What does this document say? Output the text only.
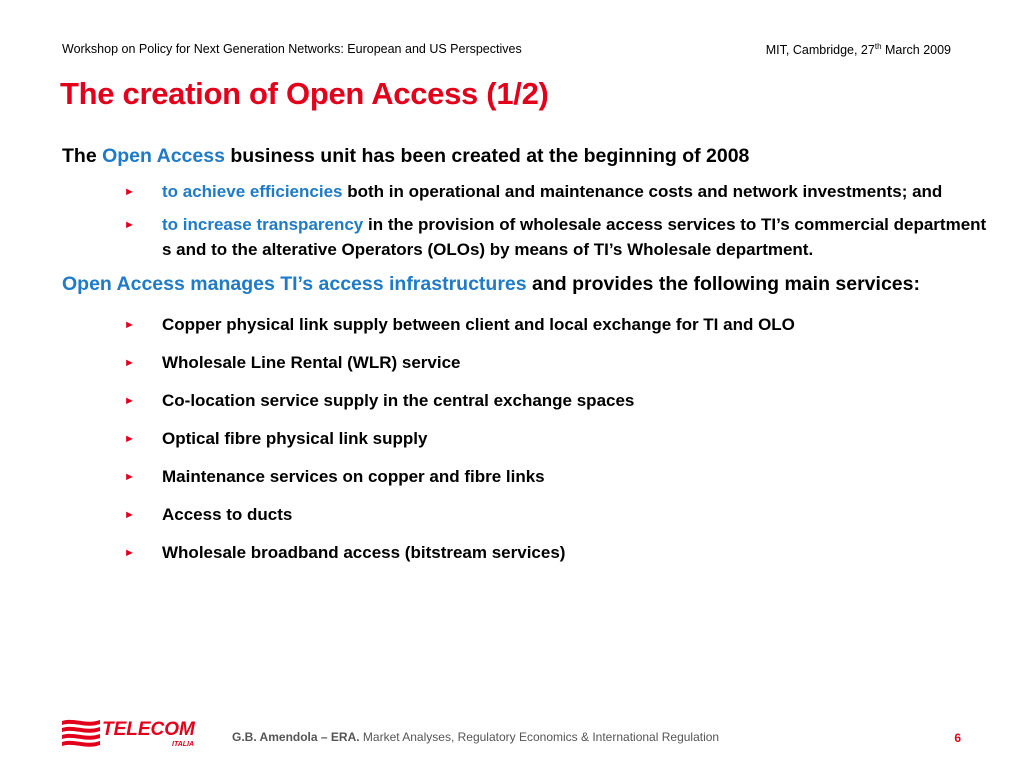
Workshop on Policy for Next Generation Networks: European and US Perspectives	MIT, Cambridge, 27th March 2009
The creation of Open Access (1/2)

The Open Access business unit has been created at the beginning of 2008

► to achieve efficiencies both in operational and maintenance costs and network investments; and
► to increase transparency in the provision of wholesale access services to TI’s commercial department s and to the alterative Operators (OLOs) by means of TI’s Wholesale department.

Open Access manages TI’s access infrastructures and provides the following main services:

► Copper physical link supply between client and local exchange for TI and OLO
► Wholesale Line Rental (WLR) service
► Co-location service supply in the central exchange spaces
► Optical fibre physical link supply
► Maintenance services on copper and fibre links
► Access to ducts
► Wholesale broadband access (bitstream services)
TELECOM
ITALIA
G.B. Amendola – ERA. Market Analyses, Regulatory Economics & International Regulation	6
